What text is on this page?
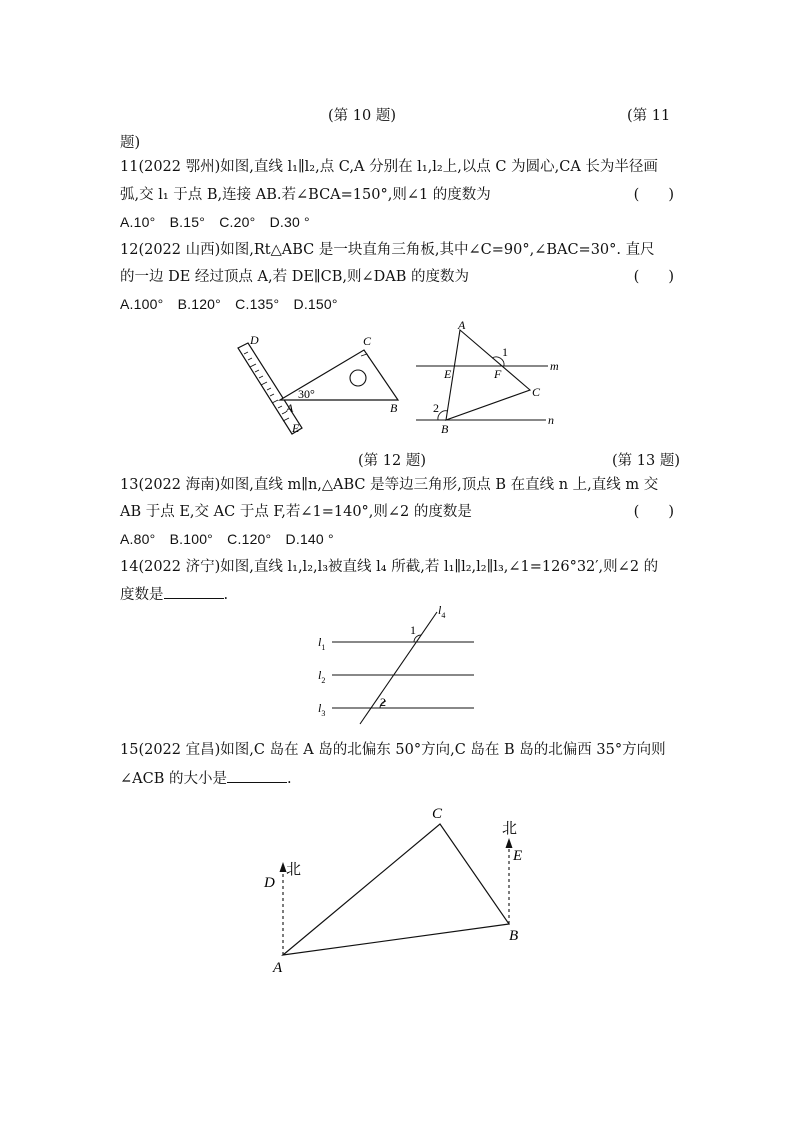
(第 10 题)	(第 11
题)
11(2022 鄂州)如图,直线 l₁∥l₂,点 C,A 分别在 l₁,l₂上,以点 C 为圆心,CA 长为半径画
弧,交 l₁ 于点 B,连接 AB.若∠BCA=150°,则∠1 的度数为	(　　)
A.10°　B.15°　C.20°　D.30 °
12(2022 山西)如图,Rt△ABC 是一块直角三角板,其中∠C=90°,∠BAC=30°. 直尺
的一边 DE 经过顶点 A,若 DE∥CB,则∠DAB 的度数为	(　　)
A.100°　B.120°　C.135°　D.150°
D	C
30°
A	B
E
A
1
m
E	F
C
2
n
B
(第 12 题)	(第 13 题)
13(2022 海南)如图,直线 m∥n,△ABC 是等边三角形,顶点 B 在直线 n 上,直线 m 交
AB 于点 E,交 AC 于点 F,若∠1=140°,则∠2 的度数是	(　　)
A.80°　B.100°　C.120°　D.140 °
14(2022 济宁)如图,直线 l₁,l₂,l₃被直线 l₄ 所截,若 l₁∥l₂,l₂∥l₃,∠1=126°32′,则∠2 的
度数是	.
$l_4$
$l_1$
$l_2$
$l_3$
1
2
15(2022 宜昌)如图,C 岛在 A 岛的北偏东 50°方向,C 岛在 B 岛的北偏西 35°方向则
∠ACB 的大小是	.
C
北
E
D
北
B
A
